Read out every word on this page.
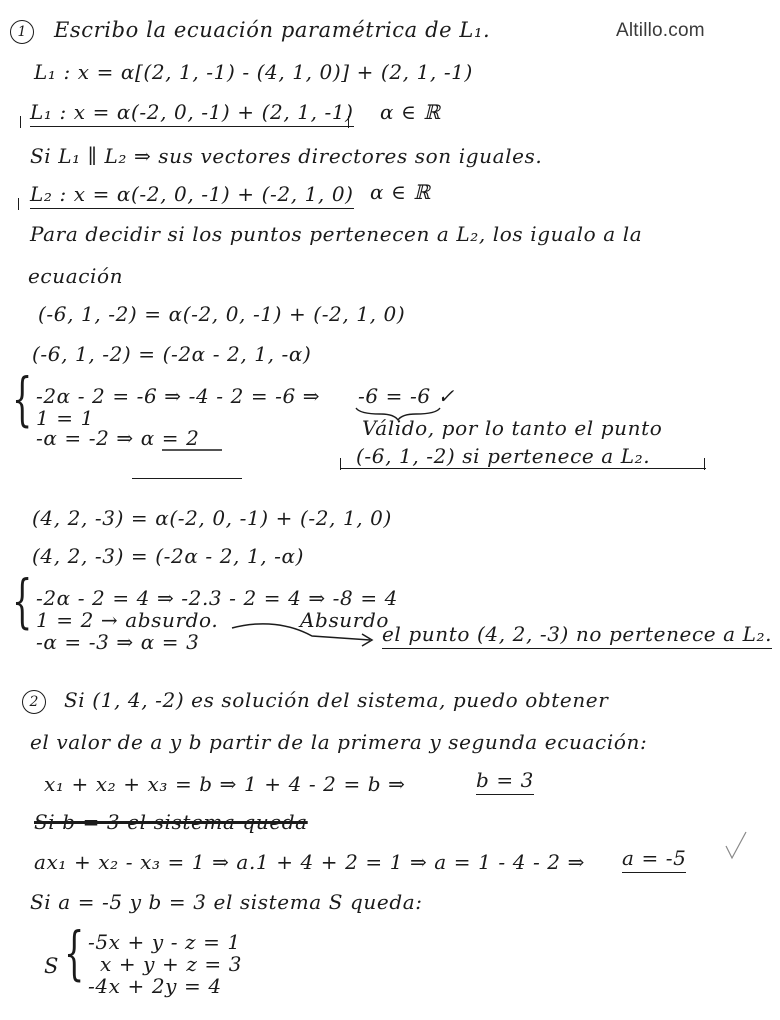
Altillo.com
1	Escribo la ecuación paramétrica de L₁.
L₁ : x = α[(2, 1, -1) - (4, 1, 0)] + (2, 1, -1)
L₁ : x = α(-2, 0, -1) + (2, 1, -1) α ∈ ℝ
Si L₁ ∥ L₂ ⇒ sus vectores directores son iguales.
L₂ : x = α(-2, 0, -1) + (-2, 1, 0) α ∈ ℝ
Para decidir si los puntos pertenecen a L₂, los igualo a la
ecuación
(-6, 1, -2) = α(-2, 0, -1) + (-2, 1, 0)
(-6, 1, -2) = (-2α - 2, 1, -α)
{ -2α - 2 = -6 ⇒ -4 - 2 = -6 ⇒
1 = 1
-α = -2 ⇒ α = 2
-6 = -6 ✓
Válido, por lo tanto el punto
(-6, 1, -2) si pertenece a L₂.
(4, 2, -3) = α(-2, 0, -1) + (-2, 1, 0)
(4, 2, -3) = (-2α - 2, 1, -α)
{ -2α - 2 = 4 ⇒ -2.3 - 2 = 4 ⇒ -8 = 4
1 = 2 → absurdo.
-α = -3 ⇒ α = 3
Absurdo
el punto (4, 2, -3) no pertenece a L₂.
2	Si (1, 4, -2) es solución del sistema, puedo obtener
el valor de a y b partir de la primera y segunda ecuación:
x₁ + x₂ + x₃ = b ⇒ 1 + 4 - 2 = b ⇒	b = 3
Si b = 3 el sistema queda
ax₁ + x₂ - x₃ = 1 ⇒ a.1 + 4 + 2 = 1 ⇒ a = 1 - 4 - 2 ⇒ a = -5
Si a = -5 y b = 3 el sistema S queda:
S { -5x + y - z = 1
x + y + z = 3
-4x + 2y = 4
